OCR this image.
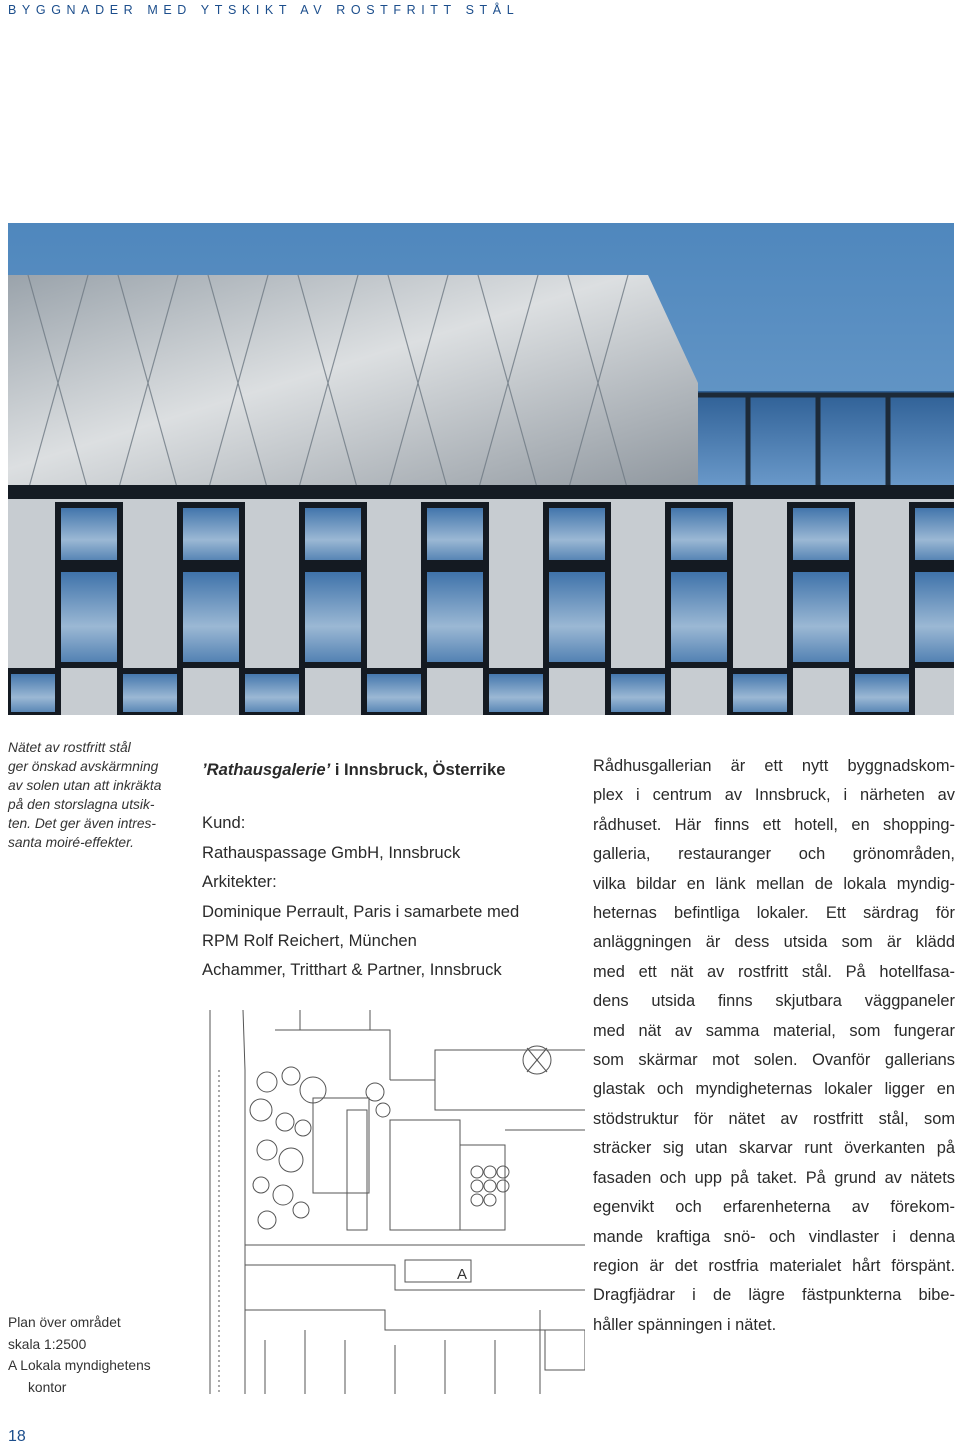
BYGGNADER MED YTSKIKT AV ROSTFRITT STÅL
Nätet av rostfritt stål
ger önskad avskärmning
av solen utan att inkräkta
på den storslagna utsik-
ten. Det ger även intres-
santa moiré-effekter.
’Rathausgalerie’ i Innsbruck, Österrike
Kund:
Rathauspassage GmbH, Innsbruck
Arkitekter:
Dominique Perrault, Paris i samarbete med
RPM Rolf Reichert, München
Achammer, Tritthart & Partner, Innsbruck
A
Plan över området
skala 1:2500
A Lokala myndighetens
kontor
Rådhusgallerian är ett nytt byggnadskom-
plex i centrum av Innsbruck, i närheten av
rådhuset. Här finns ett hotell, en shopping-
galleria, restauranger och grönområden,
vilka bildar en länk mellan de lokala myndig-
heternas befintliga lokaler. Ett särdrag för
anläggningen är dess utsida som är klädd
med ett nät av rostfritt stål. På hotellfasa-
dens utsida finns skjutbara väggpaneler
med nät av samma material, som fungerar
som skärmar mot solen. Ovanför gallerians
glastak och myndigheternas lokaler ligger en
stödstruktur för nätet av rostfritt stål, som
sträcker sig utan skarvar runt överkanten på
fasaden och upp på taket. På grund av nätets
egenvikt och erfarenheterna av förekom-
mande kraftiga snö- och vindlaster i denna
region är det rostfria materialet hårt förspänt.
Dragfjädrar i de lägre fästpunkterna bibe-
håller spänningen i nätet.
18
